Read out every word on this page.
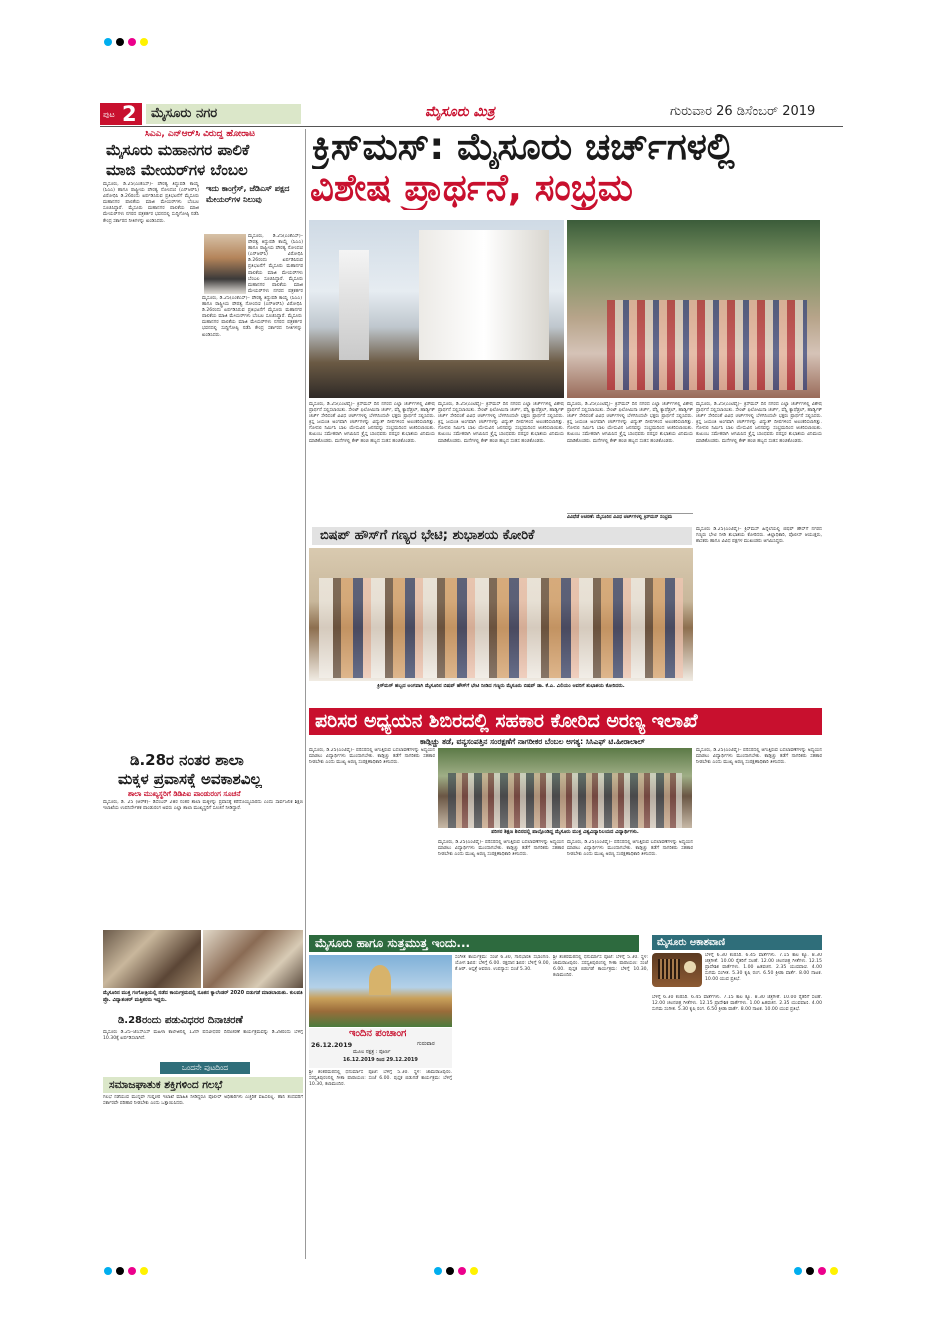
ಪುಟ 2	ಮೈಸೂರು ನಗರ	ಮೈಸೂರು ಮಿತ್ರ	ಗುರುವಾರ 26 ಡಿಸೆಂಬರ್ 2019
ಸಿಎಎ, ಎನ್‌ಆರ್‌ಸಿ ವಿರುದ್ಧ ಹೋರಾಟ
ಮೈಸೂರು ಮಹಾನಗರ ಪಾಲಿಕೆ
ಮಾಜಿ ಮೇಯರ್‌ಗಳ ಬೆಂಬಲ
ಮೈಸೂರು, ಡಿ.25(ಎಂಕೆಎಸ್)– ಪೌರತ್ವ ತಿದ್ದುಪಡಿ ಕಾಯ್ದೆ (ಸಿಎಎ) ಹಾಗೂ ರಾಷ್ಟ್ರೀಯ ಪೌರತ್ವ ನೋಂದಣಿ (ಎನ್‌ಆರ್‌ಸಿ) ವಿರೋಧಿಸಿ ಡಿ.26ರಂದು ಏರ್ಪಡಿಸಿರುವ ಪ್ರತಿಭಟನೆಗೆ ಮೈಸೂರು ಮಹಾನಗರ ಪಾಲಿಕೆಯ ಮಾಜಿ ಮೇಯರ್‌ಗಳು ಬೆಂಬಲ ಸೂಚಿಸಿದ್ದಾರೆ. ಮೈಸೂರು ಮಹಾನಗರ ಪಾಲಿಕೆಯ ಮಾಜಿ ಮೇಯರ್‌ಗಳು ನಗರದ ಪತ್ರಕರ್ತರ ಭವನದಲ್ಲಿ ಸುದ್ದಿಗೋಷ್ಠಿ ನಡೆಸಿ ಕೇಂದ್ರ ಸರ್ಕಾರದ ನೀತಿಗಳನ್ನು ಖಂಡಿಸಿದರು.
ಇದು ಕಾಂಗ್ರೆಸ್, ಜೆಡಿಎಸ್ ಪಕ್ಷದ ಮೇಯರ್‌ಗಳ ನಿಲುವು
ಮೈಸೂರು, ಡಿ.25(ಎಂಕೆಎಸ್)– ಪೌರತ್ವ ತಿದ್ದುಪಡಿ ಕಾಯ್ದೆ (ಸಿಎಎ) ಹಾಗೂ ರಾಷ್ಟ್ರೀಯ ಪೌರತ್ವ ನೋಂದಣಿ (ಎನ್‌ಆರ್‌ಸಿ) ವಿರೋಧಿಸಿ ಡಿ.26ರಂದು ಏರ್ಪಡಿಸಿರುವ ಪ್ರತಿಭಟನೆಗೆ ಮೈಸೂರು ಮಹಾನಗರ ಪಾಲಿಕೆಯ ಮಾಜಿ ಮೇಯರ್‌ಗಳು ಬೆಂಬಲ ಸೂಚಿಸಿದ್ದಾರೆ. ಮೈಸೂರು ಮಹಾನಗರ ಪಾಲಿಕೆಯ ಮಾಜಿ ಮೇಯರ್‌ಗಳು ನಗರದ ಪತ್ರಕರ್ತರ
ಮೈಸೂರು, ಡಿ.25(ಎಂಕೆಎಸ್)– ಪೌರತ್ವ ತಿದ್ದುಪಡಿ ಕಾಯ್ದೆ (ಸಿಎಎ) ಹಾಗೂ ರಾಷ್ಟ್ರೀಯ ಪೌರತ್ವ ನೋಂದಣಿ (ಎನ್‌ಆರ್‌ಸಿ) ವಿರೋಧಿಸಿ ಡಿ.26ರಂದು ಏರ್ಪಡಿಸಿರುವ ಪ್ರತಿಭಟನೆಗೆ ಮೈಸೂರು ಮಹಾನಗರ ಪಾಲಿಕೆಯ ಮಾಜಿ ಮೇಯರ್‌ಗಳು ಬೆಂಬಲ ಸೂಚಿಸಿದ್ದಾರೆ. ಮೈಸೂರು ಮಹಾನಗರ ಪಾಲಿಕೆಯ ಮಾಜಿ ಮೇಯರ್‌ಗಳು ನಗರದ ಪತ್ರಕರ್ತರ ಭವನದಲ್ಲಿ ಸುದ್ದಿಗೋಷ್ಠಿ ನಡೆಸಿ ಕೇಂದ್ರ ಸರ್ಕಾರದ ನೀತಿಗಳನ್ನು ಖಂಡಿಸಿದರು.
ಡಿ.28ರ ನಂತರ ಶಾಲಾ
ಮಕ್ಕಳ ಪ್ರವಾಸಕ್ಕೆ ಅವಕಾಶವಿಲ್ಲ
ಶಾಲಾ ಮುಖ್ಯಸ್ಥರಿಗೆ ಡಿಡಿಪಿಐ ಪಾಂಡುರಂಗ ಸೂಚನೆ
ಮೈಸೂರು, ಡಿ. 25 (ಆರ್‌ಕೆ)– ಡಿಸೆಂಬರ್ 28ರ ನಂತರ ಶಾಲಾ ಮಕ್ಕಳನ್ನು ಪ್ರವಾಸಕ್ಕೆ ಕರೆದೊಯ್ಯಬಾರದು ಎಂದು ಸಾರ್ವಜನಿಕ ಶಿಕ್ಷಣ ಇಲಾಖೆಯ ಉಪನಿರ್ದೇಶಕ ಪಾಂಡುರಂಗ ಅವರು ಎಲ್ಲಾ ಶಾಲಾ ಮುಖ್ಯಸ್ಥರಿಗೆ ಸೂಚನೆ ನೀಡಿದ್ದಾರೆ.
ಮೈಸೂರಿನ ಮುಕ್ತ ಗಂಗೋತ್ರಿಯಲ್ಲಿ ನಡೆದ ಕಾರ್ಯಕ್ರಮದಲ್ಲಿ ನೂತನ ಕ್ಯಾಲೆಂಡರ್ 2020 ಬಿಡುಗಡೆ ಮಾಡಲಾಯಿತು. ಕುಲಪತಿ ಪ್ರೊ. ವಿದ್ಯಾಶಂಕರ್ ಮತ್ತಿತರರು ಇದ್ದರು.
ಡಿ.28ರಂದು ಪಡುವಿಧರರ ದಿನಾಚರಣೆ
ಮೈಸೂರು ಡಿ.25–ಜೆಎಸ್‌ಎಸ್ ಮಹಿಳಾ ಕಾಲೇಜಿನಲ್ಲಿ 12ನೇ ಪದವೀಧರರ ದಿನಾಚರಣೆ ಕಾರ್ಯಕ್ರಮವನ್ನು ಡಿ.28ರಂದು ಬೆಳಿಗ್ಗೆ 10.30ಕ್ಕೆ ಏರ್ಪಡಿಸಲಾಗಿದೆ.
ಒಂದನೇ ಪುಟದಿಂದ
ಸಮಾಜಘಾತುಕ ಶಕ್ತಿಗಳಿಂದ ಗಲಭೆ
ಗಲಭೆ ನಡೆಯುವ ಮುನ್ನವೇ ಗುಪ್ತಚರ ಇಲಾಖೆ ಮಾಹಿತಿ ನೀಡಿದ್ದರೂ ಪೊಲೀಸ್ ಅಧಿಕಾರಿಗಳು ಎಚ್ಚರಿಕೆ ವಹಿಸಲಿಲ್ಲ. ಹಾನಿ ತಂದವರಿಗೆ ಸರ್ಕಾರವೇ ಪರಿಹಾರ ನೀಡಬೇಕು ಎಂದು ಒತ್ತಾಯಿಸಿದರು.
ಕ್ರಿಸ್‌ಮಸ್: ಮೈಸೂರು ಚರ್ಚ್‌ಗಳಲ್ಲಿ
ವಿಶೇಷ ಪ್ರಾರ್ಥನೆ, ಸಂಭ್ರಮ
ಮೈಸೂರು, ಡಿ.25(ಎಂಟಿವೈ)– ಕ್ರಿಸ್‌ಮಸ್ ದಿನ ನಗರದ ಎಲ್ಲಾ ಚರ್ಚ್‌ಗಳಲ್ಲಿ ವಿಶೇಷ ಪ್ರಾರ್ಥನೆ ಸಲ್ಲಿಸಲಾಯಿತು. ಸೇಂಟ್ ಫಿಲೋಮಿನಾ ಚರ್ಚ್, ವೆಸ್ಲಿ ಕ್ಯಾಥೆಡ್ರಲ್, ಹಾರ್ಡ್ವಿಕ್ ಚರ್ಚ್ ಸೇರಿದಂತೆ ವಿವಿಧ ಚರ್ಚ್‌ಗಳಲ್ಲಿ ಬೆಳಗಿನಿಂದಲೇ ಭಕ್ತರು ಪ್ರಾರ್ಥನೆ ಸಲ್ಲಿಸಿದರು. ಕ್ರಿಸ್ತ ಜಯಂತಿ ಅಂಗವಾಗಿ ಚರ್ಚ್‌ಗಳನ್ನು ವಿದ್ಯುತ್ ದೀಪಗಳಿಂದ ಅಲಂಕರಿಸಲಾಗಿತ್ತು. ಗೋದಲಿ ನಿರ್ಮಿಸಿ ಬಾಲ ಯೇಸುವಿನ ಜನನವನ್ನು ಸಂಭ್ರಮದಿಂದ ಆಚರಿಸಲಾಯಿತು. ಕುಟುಂಬ ಸಮೇತರಾಗಿ ಆಗಮಿಸಿದ ಕ್ರೈಸ್ತ ಬಾಂಧವರು ಪರಸ್ಪರ ಶುಭಾಶಯ ವಿನಿಮಯ ಮಾಡಿಕೊಂಡರು. ಮನೆಗಳಲ್ಲಿ ಕೇಕ್ ಹಂಚಿ ಹಬ್ಬದ ಸಂತಸ ಹಂಚಿಕೊಂಡರು.
ಮೈಸೂರು, ಡಿ.25(ಎಂಟಿವೈ)– ಕ್ರಿಸ್‌ಮಸ್ ದಿನ ನಗರದ ಎಲ್ಲಾ ಚರ್ಚ್‌ಗಳಲ್ಲಿ ವಿಶೇಷ ಪ್ರಾರ್ಥನೆ ಸಲ್ಲಿಸಲಾಯಿತು. ಸೇಂಟ್ ಫಿಲೋಮಿನಾ ಚರ್ಚ್, ವೆಸ್ಲಿ ಕ್ಯಾಥೆಡ್ರಲ್, ಹಾರ್ಡ್ವಿಕ್ ಚರ್ಚ್ ಸೇರಿದಂತೆ ವಿವಿಧ ಚರ್ಚ್‌ಗಳಲ್ಲಿ ಬೆಳಗಿನಿಂದಲೇ ಭಕ್ತರು ಪ್ರಾರ್ಥನೆ ಸಲ್ಲಿಸಿದರು. ಕ್ರಿಸ್ತ ಜಯಂತಿ ಅಂಗವಾಗಿ ಚರ್ಚ್‌ಗಳನ್ನು ವಿದ್ಯುತ್ ದೀಪಗಳಿಂದ ಅಲಂಕರಿಸಲಾಗಿತ್ತು. ಗೋದಲಿ ನಿರ್ಮಿಸಿ ಬಾಲ ಯೇಸುವಿನ ಜನನವನ್ನು ಸಂಭ್ರಮದಿಂದ ಆಚರಿಸಲಾಯಿತು. ಕುಟುಂಬ ಸಮೇತರಾಗಿ ಆಗಮಿಸಿದ ಕ್ರೈಸ್ತ ಬಾಂಧವರು ಪರಸ್ಪರ ಶುಭಾಶಯ ವಿನಿಮಯ ಮಾಡಿಕೊಂಡರು. ಮನೆಗಳಲ್ಲಿ ಕೇಕ್ ಹಂಚಿ ಹಬ್ಬದ ಸಂತಸ ಹಂಚಿಕೊಂಡರು.
ಮೈಸೂರು, ಡಿ.25(ಎಂಟಿವೈ)– ಕ್ರಿಸ್‌ಮಸ್ ದಿನ ನಗರದ ಎಲ್ಲಾ ಚರ್ಚ್‌ಗಳಲ್ಲಿ ವಿಶೇಷ ಪ್ರಾರ್ಥನೆ ಸಲ್ಲಿಸಲಾಯಿತು. ಸೇಂಟ್ ಫಿಲೋಮಿನಾ ಚರ್ಚ್, ವೆಸ್ಲಿ ಕ್ಯಾಥೆಡ್ರಲ್, ಹಾರ್ಡ್ವಿಕ್ ಚರ್ಚ್ ಸೇರಿದಂತೆ ವಿವಿಧ ಚರ್ಚ್‌ಗಳಲ್ಲಿ ಬೆಳಗಿನಿಂದಲೇ ಭಕ್ತರು ಪ್ರಾರ್ಥನೆ ಸಲ್ಲಿಸಿದರು. ಕ್ರಿಸ್ತ ಜಯಂತಿ ಅಂಗವಾಗಿ ಚರ್ಚ್‌ಗಳನ್ನು ವಿದ್ಯುತ್ ದೀಪಗಳಿಂದ ಅಲಂಕರಿಸಲಾಗಿತ್ತು. ಗೋದಲಿ ನಿರ್ಮಿಸಿ ಬಾಲ ಯೇಸುವಿನ ಜನನವನ್ನು ಸಂಭ್ರಮದಿಂದ ಆಚರಿಸಲಾಯಿತು. ಕುಟುಂಬ ಸಮೇತರಾಗಿ ಆಗಮಿಸಿದ ಕ್ರೈಸ್ತ ಬಾಂಧವರು ಪರಸ್ಪರ ಶುಭಾಶಯ ವಿನಿಮಯ ಮಾಡಿಕೊಂಡರು. ಮನೆಗಳಲ್ಲಿ ಕೇಕ್ ಹಂಚಿ ಹಬ್ಬದ ಸಂತಸ ಹಂಚಿಕೊಂಡರು.
ಮೈಸೂರು, ಡಿ.25(ಎಂಟಿವೈ)– ಕ್ರಿಸ್‌ಮಸ್ ದಿನ ನಗರದ ಎಲ್ಲಾ ಚರ್ಚ್‌ಗಳಲ್ಲಿ ವಿಶೇಷ ಪ್ರಾರ್ಥನೆ ಸಲ್ಲಿಸಲಾಯಿತು. ಸೇಂಟ್ ಫಿಲೋಮಿನಾ ಚರ್ಚ್, ವೆಸ್ಲಿ ಕ್ಯಾಥೆಡ್ರಲ್, ಹಾರ್ಡ್ವಿಕ್ ಚರ್ಚ್ ಸೇರಿದಂತೆ ವಿವಿಧ ಚರ್ಚ್‌ಗಳಲ್ಲಿ ಬೆಳಗಿನಿಂದಲೇ ಭಕ್ತರು ಪ್ರಾರ್ಥನೆ ಸಲ್ಲಿಸಿದರು. ಕ್ರಿಸ್ತ ಜಯಂತಿ ಅಂಗವಾಗಿ ಚರ್ಚ್‌ಗಳನ್ನು ವಿದ್ಯುತ್ ದೀಪಗಳಿಂದ ಅಲಂಕರಿಸಲಾಗಿತ್ತು. ಗೋದಲಿ ನಿರ್ಮಿಸಿ ಬಾಲ ಯೇಸುವಿನ ಜನನವನ್ನು ಸಂಭ್ರಮದಿಂದ ಆಚರಿಸಲಾಯಿತು. ಕುಟುಂಬ ಸಮೇತರಾಗಿ ಆಗಮಿಸಿದ ಕ್ರೈಸ್ತ ಬಾಂಧವರು ಪರಸ್ಪರ ಶುಭಾಶಯ ವಿನಿಮಯ ಮಾಡಿಕೊಂಡರು. ಮನೆಗಳಲ್ಲಿ ಕೇಕ್ ಹಂಚಿ ಹಬ್ಬದ ಸಂತಸ ಹಂಚಿಕೊಂಡರು.
ವಿವಿಧೆಡೆ ಆಚರಣೆ: ಮೈಸೂರಿನ ವಿವಿಧ ಚರ್ಚ್‌ಗಳಲ್ಲಿ ಕ್ರಿಸ್‌ಮಸ್ ಸಂಭ್ರಮ
ಬಿಷಪ್ ಹೌಸ್‌ಗೆ ಗಣ್ಯರ ಭೇಟಿ; ಶುಭಾಶಯ ಕೋರಿಕೆ
ಕ್ರಿಸ್‌ಮಸ್ ಹಬ್ಬದ ಅಂಗವಾಗಿ ಮೈಸೂರಿನ ಬಿಷಪ್ ಹೌಸ್‌ಗೆ ಭೇಟಿ ನೀಡಿದ ಗಣ್ಯರು ಮೈಸೂರು ಬಿಷಪ್ ಡಾ. ಕೆ.ಎ. ವಿಲಿಯಂ ಅವರಿಗೆ ಶುಭಾಶಯ ಕೋರಿದರು.
ಮೈಸೂರು ಡಿ.25(ಎಂಟಿವೈ)– ಕ್ರಿಸ್‌ಮಸ್ ಹಿನ್ನೆಲೆಯಲ್ಲಿ ಬಿಷಪ್ ಹೌಸ್‌ಗೆ ನಗರದ ಗಣ್ಯರು ಭೇಟಿ ನೀಡಿ ಶುಭಾಶಯ ಕೋರಿದರು. ಜಿಲ್ಲಾಧಿಕಾರಿ, ಪೊಲೀಸ್ ಆಯುಕ್ತರು, ಶಾಸಕರು ಹಾಗೂ ವಿವಿಧ ಪಕ್ಷಗಳ ಮುಖಂಡರು ಆಗಮಿಸಿದ್ದರು.
ಪರಿಸರ ಅಧ್ಯಯನ ಶಿಬಿರದಲ್ಲಿ ಸಹಕಾರ ಕೋರಿದ ಅರಣ್ಯ ಇಲಾಖೆ
ಕಾಡ್ಗಿಚ್ಚು ತಡೆ, ವನ್ಯಸಂಪತ್ತಿನ ಸಂರಕ್ಷಣೆಗೆ ನಾಗರೀಕರ ಬೆಂಬಲ ಅಗತ್ಯ: ಸಿಸಿಎಫ್ ಟಿ.ಹೀರಾಲಾಲ್
ಮೈಸೂರು, ಡಿ.25(ಎಂಟಿವೈ)– ಪರಿಸರದಲ್ಲಿ ಆಗುತ್ತಿರುವ ಬದಲಾವಣೆಗಳನ್ನು ಅಧ್ಯಯನ ಮಾಡಲು ವಿದ್ಯಾರ್ಥಿಗಳು ಮುಂದಾಗಬೇಕು. ಕಾಡ್ಗಿಚ್ಚು ತಡೆಗೆ ನಾಗರಿಕರು ಸಹಕಾರ ನೀಡಬೇಕು ಎಂದು ಮುಖ್ಯ ಅರಣ್ಯ ಸಂರಕ್ಷಣಾಧಿಕಾರಿ ತಿಳಿಸಿದರು.
ಪರಿಸರ ಶಿಕ್ಷಣ ಶಿಬಿರದಲ್ಲಿ ಪಾಲ್ಗೊಂಡಿದ್ದ ಮೈಸೂರು ಮುಕ್ತ ವಿಶ್ವವಿದ್ಯಾನಿಲಯದ ವಿದ್ಯಾರ್ಥಿಗಳು.
ಮೈಸೂರು, ಡಿ.25(ಎಂಟಿವೈ)– ಪರಿಸರದಲ್ಲಿ ಆಗುತ್ತಿರುವ ಬದಲಾವಣೆಗಳನ್ನು ಅಧ್ಯಯನ ಮಾಡಲು ವಿದ್ಯಾರ್ಥಿಗಳು ಮುಂದಾಗಬೇಕು. ಕಾಡ್ಗಿಚ್ಚು ತಡೆಗೆ ನಾಗರಿಕರು ಸಹಕಾರ ನೀಡಬೇಕು ಎಂದು ಮುಖ್ಯ ಅರಣ್ಯ ಸಂರಕ್ಷಣಾಧಿಕಾರಿ ತಿಳಿಸಿದರು.
ಮೈಸೂರು, ಡಿ.25(ಎಂಟಿವೈ)– ಪರಿಸರದಲ್ಲಿ ಆಗುತ್ತಿರುವ ಬದಲಾವಣೆಗಳನ್ನು ಅಧ್ಯಯನ ಮಾಡಲು ವಿದ್ಯಾರ್ಥಿಗಳು ಮುಂದಾಗಬೇಕು. ಕಾಡ್ಗಿಚ್ಚು ತಡೆಗೆ ನಾಗರಿಕರು ಸಹಕಾರ ನೀಡಬೇಕು ಎಂದು ಮುಖ್ಯ ಅರಣ್ಯ ಸಂರಕ್ಷಣಾಧಿಕಾರಿ ತಿಳಿಸಿದರು.
ಮೈಸೂರು, ಡಿ.25(ಎಂಟಿವೈ)– ಪರಿಸರದಲ್ಲಿ ಆಗುತ್ತಿರುವ ಬದಲಾವಣೆಗಳನ್ನು ಅಧ್ಯಯನ ಮಾಡಲು ವಿದ್ಯಾರ್ಥಿಗಳು ಮುಂದಾಗಬೇಕು. ಕಾಡ್ಗಿಚ್ಚು ತಡೆಗೆ ನಾಗರಿಕರು ಸಹಕಾರ ನೀಡಬೇಕು ಎಂದು ಮುಖ್ಯ ಅರಣ್ಯ ಸಂರಕ್ಷಣಾಧಿಕಾರಿ ತಿಳಿಸಿದರು.
ಮೈಸೂರು ಹಾಗೂ ಸುತ್ತಮುತ್ತ ಇಂದು...
ಇಂದಿನ ಪಂಚಾಂಗ
26.12.2019	ಗುರುವಾರ
ಮೂಲ ನಕ್ಷತ್ರ : ಪೂರ್ಣ
16.12.2019 ರಿಂದ 29.12.2019
ಶ್ರೀ ಶಂಕರಮಠದಲ್ಲಿ ಧನುರ್ಮಾಸ ಪೂಜೆ: ಬೆಳಿಗ್ಗೆ 5.30. ಸ್ಥಳ: ಚಾಮರಾಜಪುರಂ. ಸರಸ್ವತಿಪುರಂನಲ್ಲಿ ಗೀತಾ ಪಾರಾಯಣ: ಸಂಜೆ 6.00. ಪುಸ್ತಕ ಬಿಡುಗಡೆ ಕಾರ್ಯಕ್ರಮ: ಬೆಳಿಗ್ಗೆ 10.30, ಕಲಾಮಂದಿರ.
ಸಂಗೀತ ಕಾರ್ಯಕ್ರಮ: ಸಂಜೆ 6.30, ಗಾನಭಾರತಿ ಸಭಾಂಗಣ. ಯೋಗ ಶಿಬಿರ: ಬೆಳಿಗ್ಗೆ 6.00. ರಕ್ತದಾನ ಶಿಬಿರ: ಬೆಳಿಗ್ಗೆ 9.00, ಕೆ.ಆರ್. ಆಸ್ಪತ್ರೆ ಆವರಣ. ಉಪನ್ಯಾಸ: ಸಂಜೆ 5.30.
ಶ್ರೀ ಶಂಕರಮಠದಲ್ಲಿ ಧನುರ್ಮಾಸ ಪೂಜೆ: ಬೆಳಿಗ್ಗೆ 5.30. ಸ್ಥಳ: ಚಾಮರಾಜಪುರಂ. ಸರಸ್ವತಿಪುರಂನಲ್ಲಿ ಗೀತಾ ಪಾರಾಯಣ: ಸಂಜೆ 6.00. ಪುಸ್ತಕ ಬಿಡುಗಡೆ ಕಾರ್ಯಕ್ರಮ: ಬೆಳಿಗ್ಗೆ 10.30, ಕಲಾಮಂದಿರ.
ಮೈಸೂರು ಆಕಾಶವಾಣಿ
ಬೆಳಿಗ್ಗೆ 6.30 ಕಂಠಸಿರಿ. 6.45 ವಾರ್ತೆಗಳು. 7.15 ಕಾಲ ಕ್ಯೂ. 8.30 ಚಿತ್ರಗೀತೆ. 10.00 ರೈತರಿಗೆ ಸಲಹೆ. 12.00 ಚಲನಚಿತ್ರ ಗೀತೆಗಳು. 12.15 ಪ್ರಾದೇಶಿಕ ವಾರ್ತೆಗಳು. 1.00 ಹಿತವಚನ. 2.35 ಯುವವಾಣಿ. 4.00 ಸುಗಮ ಸಂಗೀತ. 5.30 ಕೃಷಿ ರಂಗ. 6.50 ಕ್ರೀಡಾ ವಾರ್ತೆ. 8.00 ನಾಟಕ. 10.00 ಯುವ ಪ್ರತಿಭೆ.
ಬೆಳಿಗ್ಗೆ 6.30 ಕಂಠಸಿರಿ. 6.45 ವಾರ್ತೆಗಳು. 7.15 ಕಾಲ ಕ್ಯೂ. 8.30 ಚಿತ್ರಗೀತೆ. 10.00 ರೈತರಿಗೆ ಸಲಹೆ. 12.00 ಚಲನಚಿತ್ರ ಗೀತೆಗಳು. 12.15 ಪ್ರಾದೇಶಿಕ ವಾರ್ತೆಗಳು. 1.00 ಹಿತವಚನ. 2.35 ಯುವವಾಣಿ. 4.00 ಸುಗಮ ಸಂಗೀತ. 5.30 ಕೃಷಿ ರಂಗ. 6.50 ಕ್ರೀಡಾ ವಾರ್ತೆ. 8.00 ನಾಟಕ. 10.00 ಯುವ ಪ್ರತಿಭೆ.
